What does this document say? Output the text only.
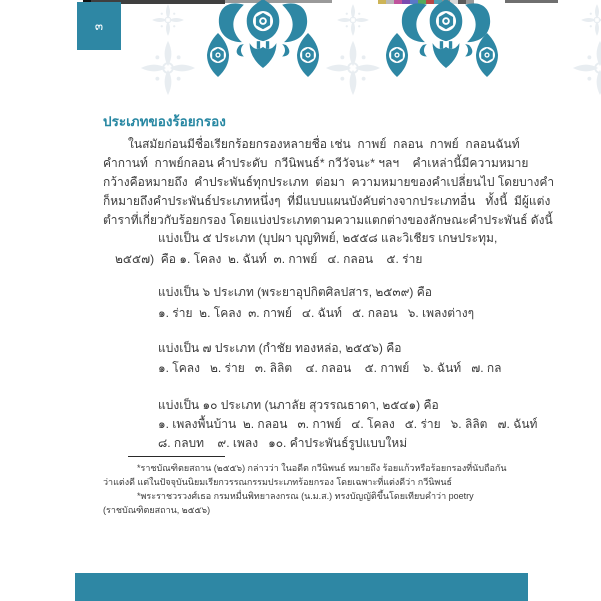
๓
ประเภทของร้อยกรอง
ในสมัยก่อนมีชื่อเรียกร้อยกรองหลายชื่อ เช่น  กาพย์  กลอน  กาพย์  กลอนฉันท์
คำกานท์  กาพย์กลอน คำประดับ  กวีนิพนธ์* กวีวัจนะ* ฯลฯ    คำเหล่านี้มีความหมาย
กว้างคือหมายถึง  คำประพันธ์ทุกประเภท  ต่อมา  ความหมายของคำเปลี่ยนไป โดยบางคำ
ก็หมายถึงคำประพันธ์ประเภทหนึ่งๆ  ที่มีแบบแผนบังคับต่างจากประเภทอื่น   ทั้งนี้  มีผู้แต่ง
ตำราที่เกี่ยวกับร้อยกรอง โดยแบ่งประเภทตามความแตกต่างของลักษณะคำประพันธ์ ดังนี้
แบ่งเป็น ๕ ประเภท (บุปผา บุญทิพย์, ๒๕๕๘ และวิเชียร เกษประทุม,
๒๕๕๗)  คือ ๑. โคลง  ๒. ฉันท์  ๓. กาพย์   ๔. กลอน    ๕. ร่าย
แบ่งเป็น ๖ ประเภท (พระยาอุปกิตศิลปสาร, ๒๕๓๙) คือ
๑. ร่าย  ๒. โคลง  ๓. กาพย์   ๔. ฉันท์   ๕. กลอน   ๖. เพลงต่างๆ
แบ่งเป็น ๗ ประเภท (กำชัย ทองหล่อ, ๒๕๕๖) คือ
๑. โคลง   ๒. ร่าย   ๓. ลิลิต    ๔. กลอน    ๕. กาพย์    ๖. ฉันท์   ๗. กล
แบ่งเป็น ๑๐ ประเภท (นภาลัย สุวรรณธาดา, ๒๕๔๑) คือ
๑. เพลงพื้นบ้าน  ๒. กลอน   ๓. กาพย์   ๔. โคลง   ๕. ร่าย   ๖. ลิลิต   ๗. ฉันท์
๘. กลบท    ๙. เพลง   ๑๐. คำประพันธ์รูปแบบใหม่
*ราชบัณฑิตยสถาน (๒๕๕๖) กล่าวว่า ในอดีต กวีนิพนธ์ หมายถึง ร้อยแก้วหรือร้อยกรองที่นับถือกัน
ว่าแต่งดี แต่ในปัจจุบันนิยมเรียกวรรณกรรมประเภทร้อยกรอง โดยเฉพาะที่แต่งดีว่า กวีนิพนธ์
*พระราชวรวงศ์เธอ กรมหมื่นพิทยาลงกรณ (น.ม.ส.) ทรงบัญญัติขึ้นโดยเทียบคำว่า poetry
(ราชบัณฑิตยสถาน, ๒๕๕๖)
